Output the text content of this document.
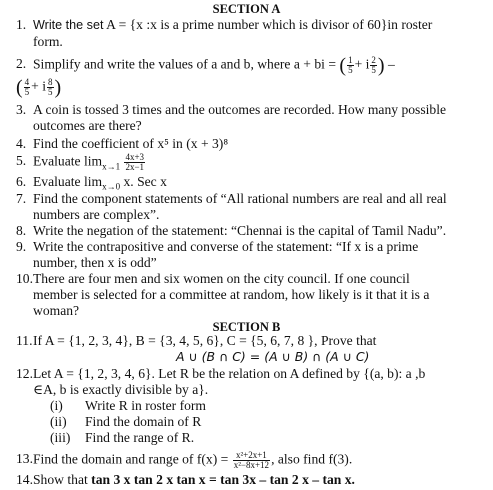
SECTION A
1. Write the set A = {x :x is a prime number which is divisor of 60}in roster
form.
2. Simplify and write the values of a and b, where a + bi = ( $\frac{1}{5} + i \frac{2}{5}$ ) –
( $\frac{4}{5} + i \frac{8}{5}$ )
3. A coin is tossed 3 times and the outcomes are recorded. How many possible
outcomes are there?
4. Find the coefficient of x⁵ in (x + 3)⁸
5. Evaluate $\lim_{x\to 1} \frac{4x+3}{2x-1}$
6. Evaluate $\lim_{x\to 0} x$. Sec x
7. Find the component statements of “All rational numbers are real and all real
numbers are complex”.
8. Write the negation of the statement: “Chennai is the capital of Tamil Nadu”.
9. Write the contrapositive and converse of the statement: “If x is a prime
number, then x is odd”
10. There are four men and six women on the city council. If one council
member is selected for a committee at random, how likely is it that it is a
woman?
SECTION B
11. If A = {1, 2, 3, 4}, B = {3, 4, 5, 6}, C = {5, 6, 7, 8 }, Prove that
A ∪ (B ∩ C) = (A ∪ B) ∩ (A ∪ C)
12. Let A = {1, 2, 3, 4, 6}. Let R be the relation on A defined by {(a, b): a ,b
∈A, b is exactly divisible by a}.
(i) Write R in roster form
(ii) Find the domain of R
(iii) Find the range of R.
13. Find the domain and range of $f(x) = \frac{\text{x²+2x+1}}{\text{x²−8x+12}}$ , also find f(3).
14. Show that tan 3 x tan 2 x tan x = tan 3x – tan 2 x – tan x.
